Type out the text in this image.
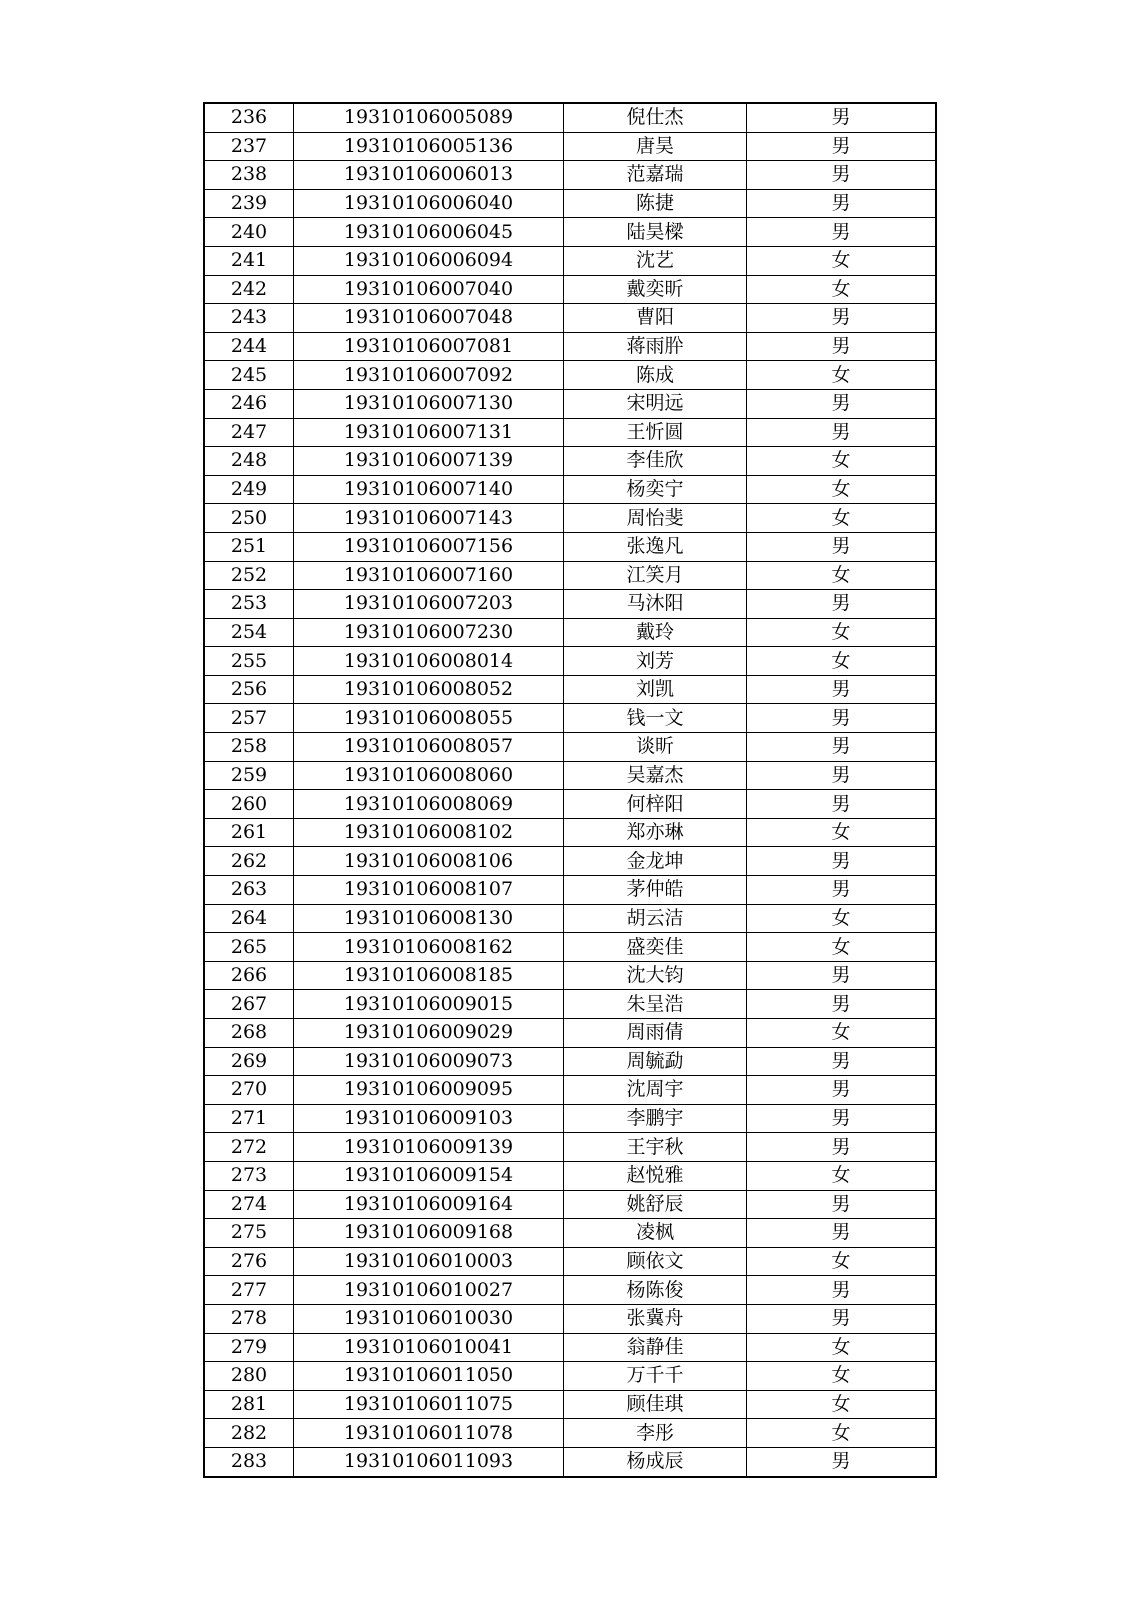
236	19310106005089	倪仕杰	男
237	19310106005136	唐昊	男
238	19310106006013	范嘉瑞	男
239	19310106006040	陈捷	男
240	19310106006045	陆昊樑	男
241	19310106006094	沈艺	女
242	19310106007040	戴奕昕	女
243	19310106007048	曹阳	男
244	19310106007081	蒋雨肸	男
245	19310106007092	陈成	女
246	19310106007130	宋明远	男
247	19310106007131	王忻圆	男
248	19310106007139	李佳欣	女
249	19310106007140	杨奕宁	女
250	19310106007143	周怡斐	女
251	19310106007156	张逸凡	男
252	19310106007160	江笑月	女
253	19310106007203	马沐阳	男
254	19310106007230	戴玲	女
255	19310106008014	刘芳	女
256	19310106008052	刘凯	男
257	19310106008055	钱一文	男
258	19310106008057	谈昕	男
259	19310106008060	吴嘉杰	男
260	19310106008069	何梓阳	男
261	19310106008102	郑亦琳	女
262	19310106008106	金龙坤	男
263	19310106008107	茅仲皓	男
264	19310106008130	胡云洁	女
265	19310106008162	盛奕佳	女
266	19310106008185	沈大钧	男
267	19310106009015	朱呈浩	男
268	19310106009029	周雨倩	女
269	19310106009073	周毓勐	男
270	19310106009095	沈周宇	男
271	19310106009103	李鹏宇	男
272	19310106009139	王宇秋	男
273	19310106009154	赵悦雅	女
274	19310106009164	姚舒辰	男
275	19310106009168	凌枫	男
276	19310106010003	顾依文	女
277	19310106010027	杨陈俊	男
278	19310106010030	张冀舟	男
279	19310106010041	翁静佳	女
280	19310106011050	万千千	女
281	19310106011075	顾佳琪	女
282	19310106011078	李彤	女
283	19310106011093	杨成辰	男
